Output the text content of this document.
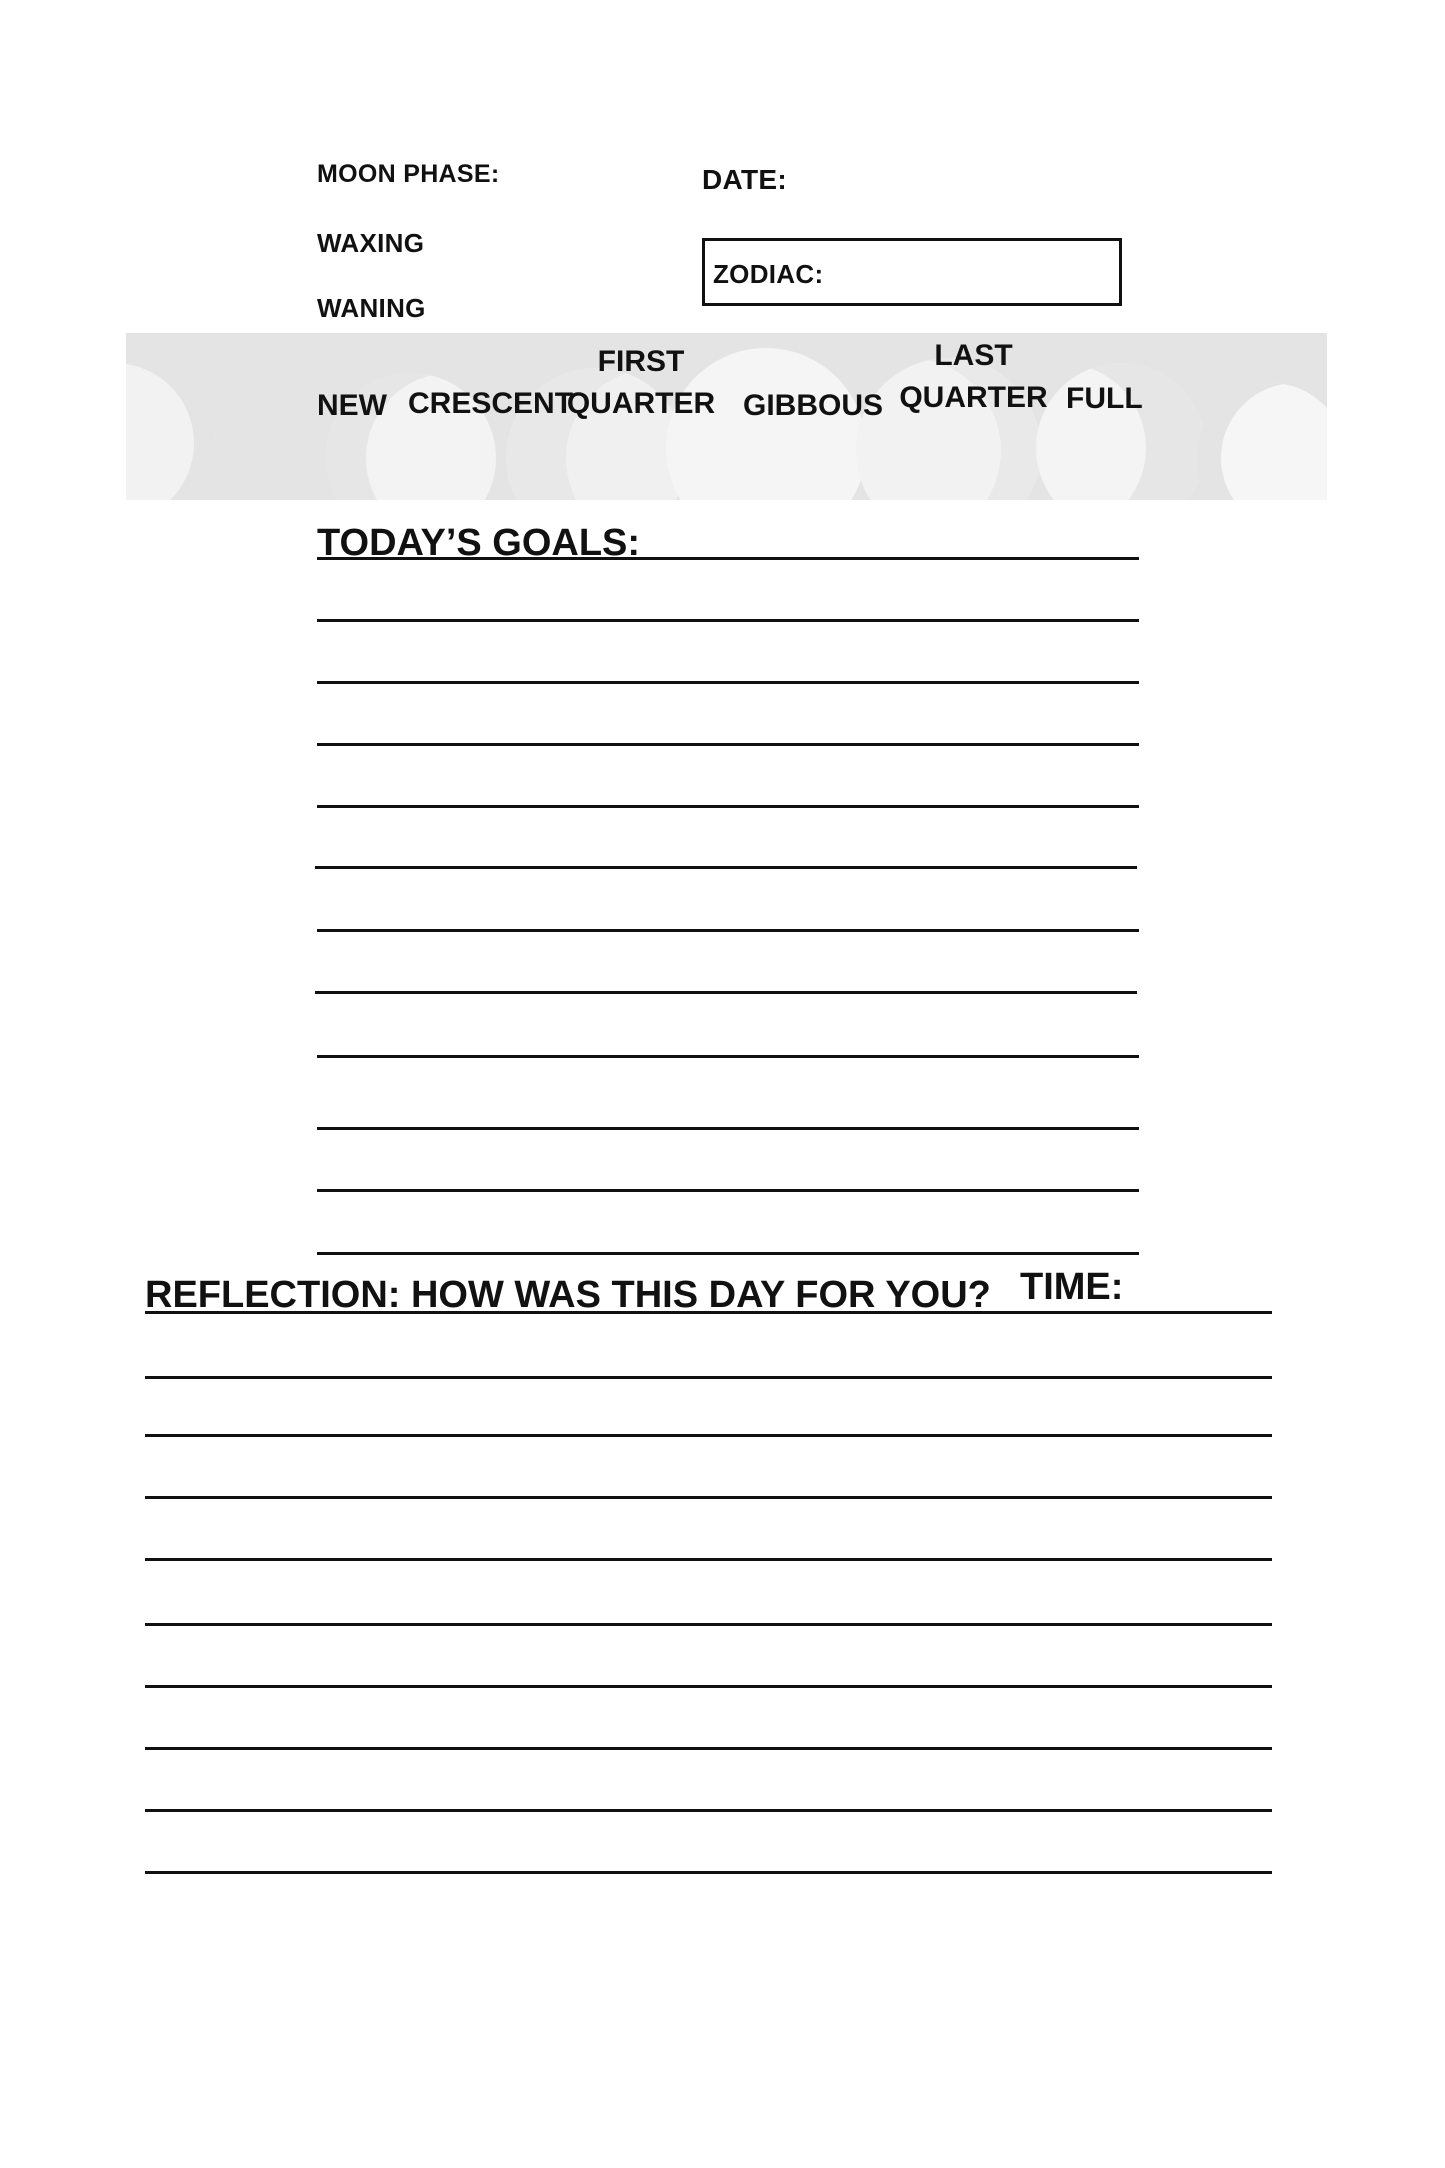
MOON PHASE:	DATE:
WAXING
WANING
ZODIAC:
NEW CRESCENT
FIRST
QUARTER GIBBOUS
LAST
QUARTER FULL
TODAY’S GOALS:
REFLECTION: HOW WAS THIS DAY FOR YOU? TIME:
